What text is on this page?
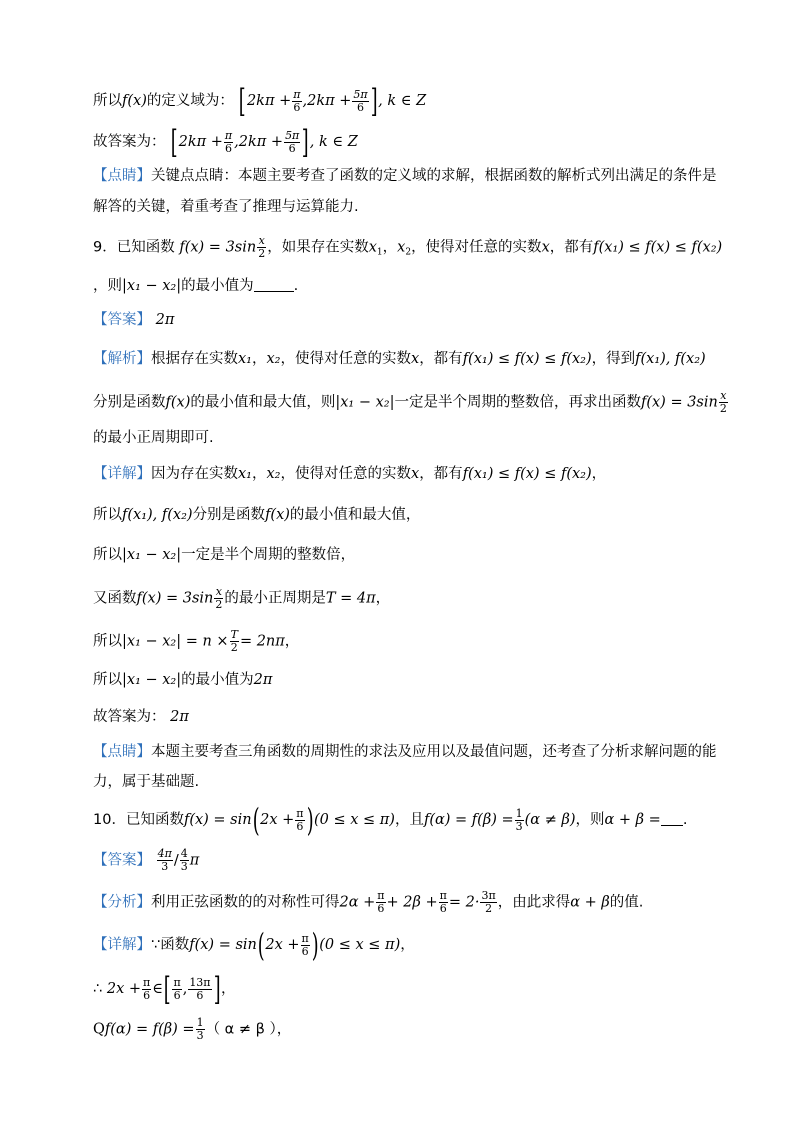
所以f(x)的定义域为： [$2k\pi + \frac{\pi}{6} ,2k\pi + \frac{5\pi}{6}$ ], k ∈ Z
故答案为： [$2k\pi + \frac{\pi}{6} ,2k\pi + \frac{5\pi}{6}$ ], k ∈ Z
【点睛】关键点点睛：本题主要考查了函数的定义域的求解，根据函数的解析式列出满足的条件是
解答的关键，着重考查了推理与运算能力.
9．已知函数 $f(x) = 3\sin \frac{x}{2}$ ，如果存在实数$x_1$，$x_2$，使得对任意的实数x，都有f(x₁) ≤ f(x) ≤ f(x₂)
，则|x₁ − x₂|的最小值为	.
【答案】 2π
【解析】根据存在实数x₁，x₂，使得对任意的实数x，都有f(x₁) ≤ f(x) ≤ f(x₂)，得到f(x₁), f(x₂)
分别是函数f(x)的最小值和最大值，则|x₁ − x₂|一定是半个周期的整数倍，再求出函数$f(x) = 3\sin \frac{x}{2}$
的最小正周期即可.
【详解】因为存在实数x₁，x₂，使得对任意的实数x，都有f(x₁) ≤ f(x) ≤ f(x₂)，
所以f(x₁), f(x₂)分别是函数f(x)的最小值和最大值，
所以|x₁ − x₂|一定是半个周期的整数倍，
又函数$f(x) = 3\sin \frac{x}{2}$ 的最小正周期是T = 4π，
所以$|x_1 - x_2| = n \times \frac{T}{2} = 2n\pi$，
所以|x₁ − x₂|的最小值为2π
故答案为： 2π
【点睛】本题主要考查三角函数的周期性的求法及应用以及最值问题，还考查了分析求解问题的能
力，属于基础题.
10．已知函数$f(x) = \sin(2x + \frac{\pi}{6} )(0 \le x \le \pi)$，且$f(\alpha) = f(\beta) = \frac{1}{3} (\alpha \ne \beta)$，则α + β = .
【答案】 $\frac{4\pi}{3} / \frac{4}{3}$ π
【分析】利用正弦函数的的对称性可得$2\alpha + \frac{\pi}{6} + 2\beta + \frac{\pi}{6} = 2\cdot \frac{3\pi}{2}$ ，由此求得α + β的值.
【详解】∵函数$f(x) = \sin(2x + \frac{\pi}{6} )(0 \le x \le \pi)$，
∴ $2x + \frac{\pi}{6}$ ∈[ $\frac{\pi}{6}$ , $\frac{13\pi}{6}$ ]，
$Qf(\alpha) = f(\beta) = \frac{1}{3}$ （ α ≠ β ），
